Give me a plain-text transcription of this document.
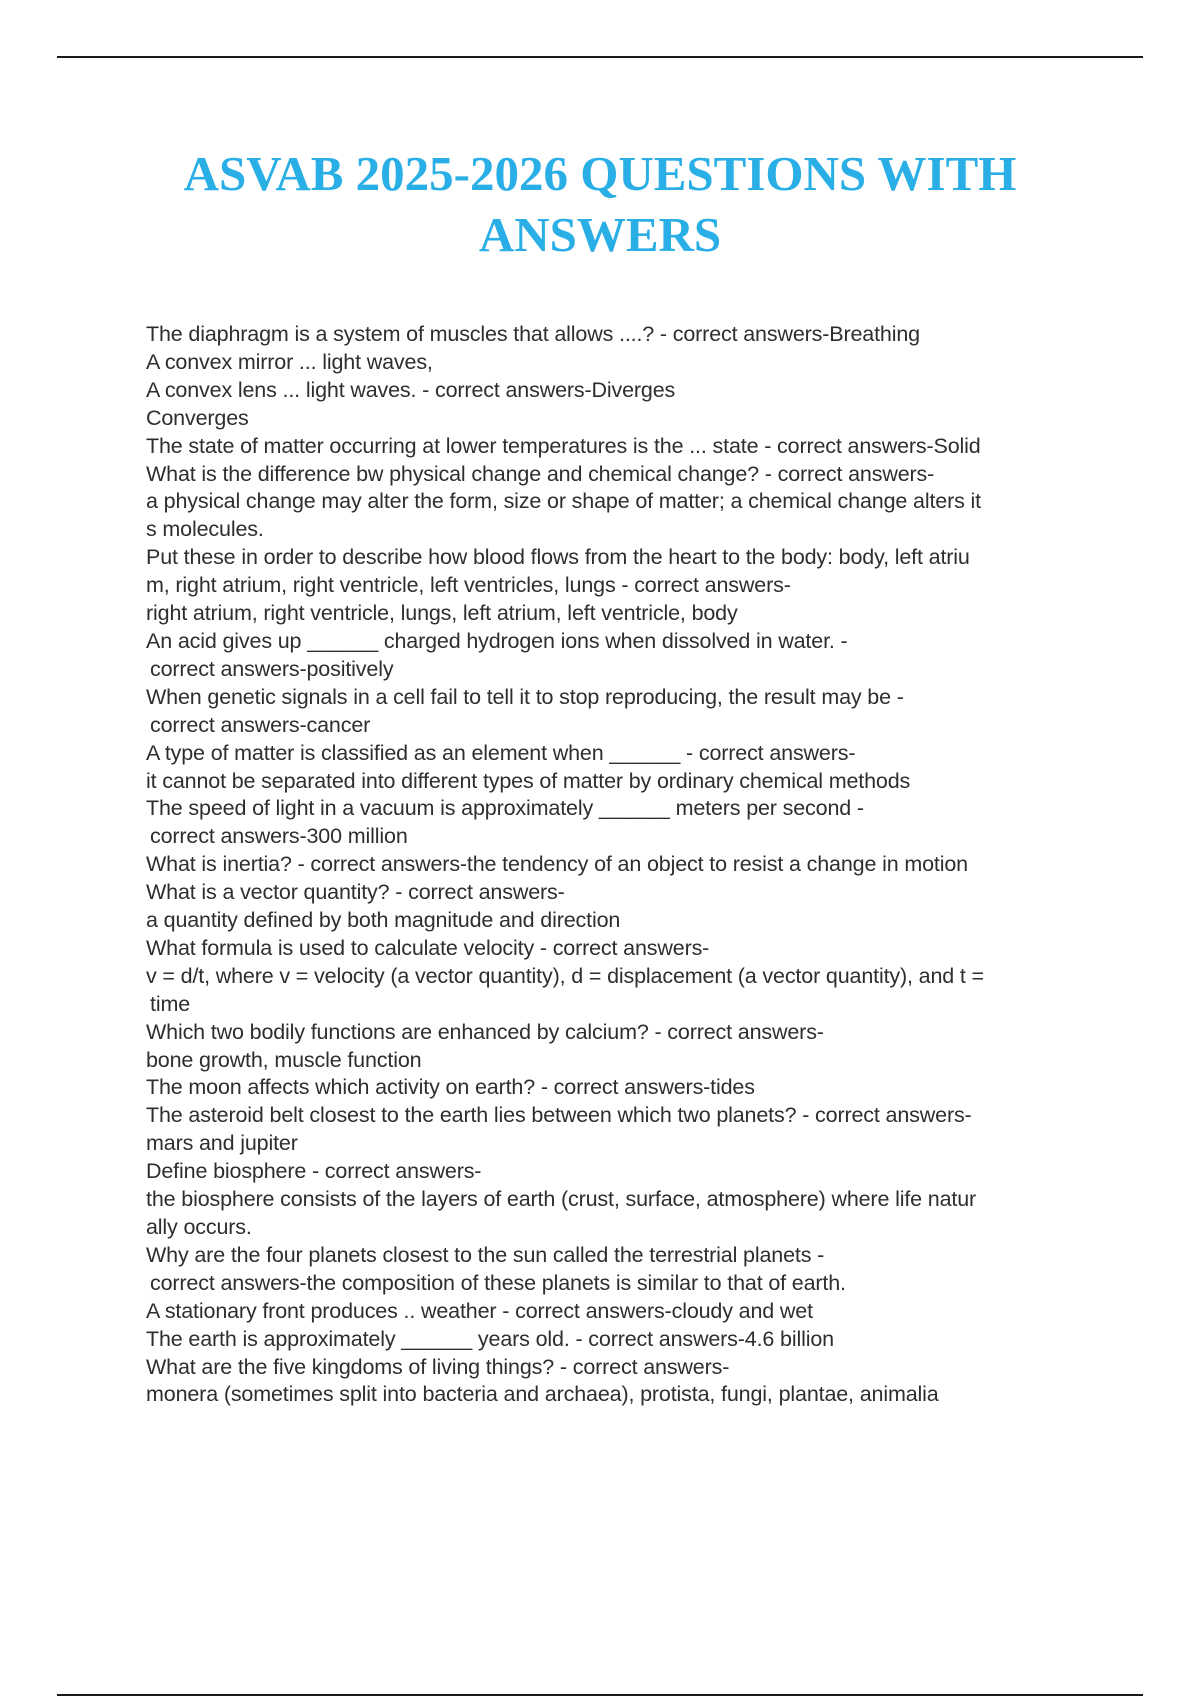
ASVAB 2025-2026 QUESTIONS WITH
ANSWERS
The diaphragm is a system of muscles that allows ....? - correct answers-Breathing
A convex mirror ... light waves,
A convex lens ... light waves. - correct answers-Diverges
Converges
The state of matter occurring at lower temperatures is the ... state - correct answers-Solid
What is the difference bw physical change and chemical change? - correct answers-
a physical change may alter the form, size or shape of matter; a chemical change alters it
s molecules.
Put these in order to describe how blood flows from the heart to the body: body, left atriu
m, right atrium, right ventricle, left ventricles, lungs - correct answers-
right atrium, right ventricle, lungs, left atrium, left ventricle, body
An acid gives up ______ charged hydrogen ions when dissolved in water. -
correct answers-positively
When genetic signals in a cell fail to tell it to stop reproducing, the result may be -
correct answers-cancer
A type of matter is classified as an element when ______ - correct answers-
it cannot be separated into different types of matter by ordinary chemical methods
The speed of light in a vacuum is approximately ______ meters per second -
correct answers-300 million
What is inertia? - correct answers-the tendency of an object to resist a change in motion
What is a vector quantity? - correct answers-
a quantity defined by both magnitude and direction
What formula is used to calculate velocity - correct answers-
v = d/t, where v = velocity (a vector quantity), d = displacement (a vector quantity), and t =
time
Which two bodily functions are enhanced by calcium? - correct answers-
bone growth, muscle function
The moon affects which activity on earth? - correct answers-tides
The asteroid belt closest to the earth lies between which two planets? - correct answers-
mars and jupiter
Define biosphere - correct answers-
the biosphere consists of the layers of earth (crust, surface, atmosphere) where life natur
ally occurs.
Why are the four planets closest to the sun called the terrestrial planets -
correct answers-the composition of these planets is similar to that of earth.
A stationary front produces .. weather - correct answers-cloudy and wet
The earth is approximately ______ years old. - correct answers-4.6 billion
What are the five kingdoms of living things? - correct answers-
monera (sometimes split into bacteria and archaea), protista, fungi, plantae, animalia
